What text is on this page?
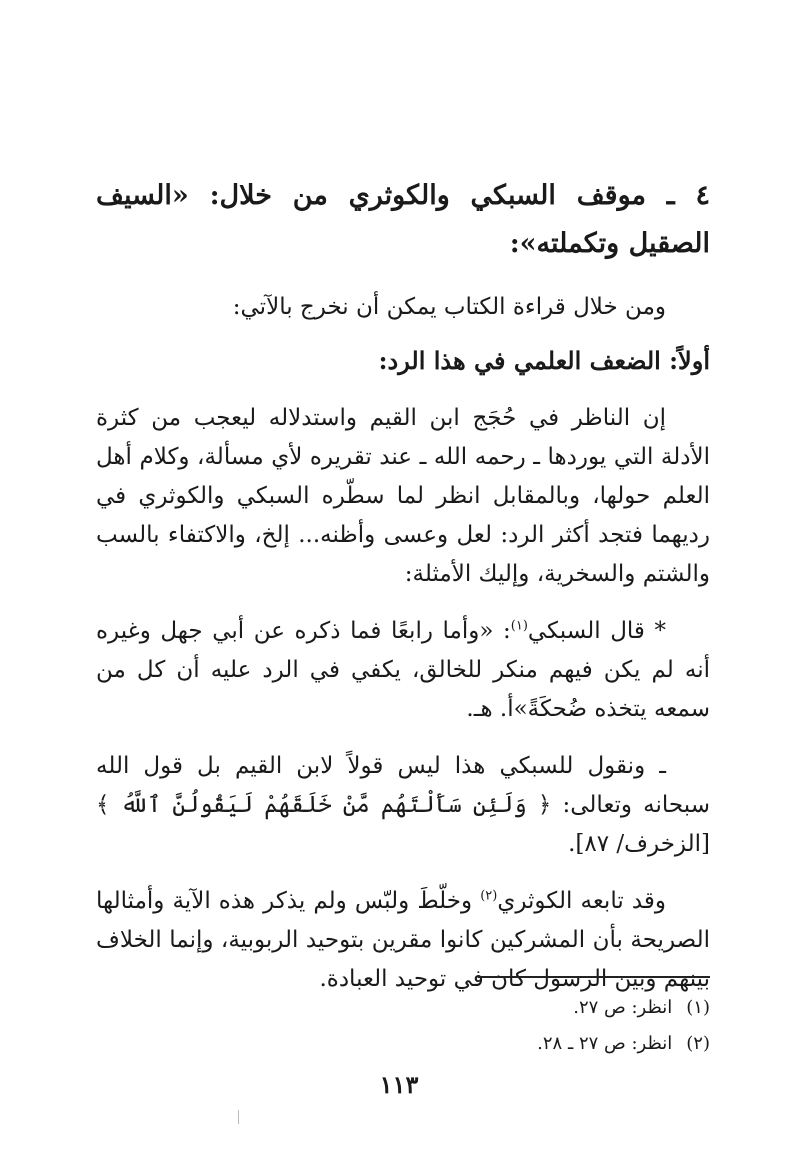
٤ ـ موقف السبكي والكوثري من خلال: «السيف الصقيل وتكملته»:

ومن خلال قراءة الكتاب يمكن أن نخرج بالآتي:

أولاً: الضعف العلمي في هذا الرد:

إن الناظر في حُجَج ابن القيم واستدلاله ليعجب من كثرة الأدلة التي يوردها ـ رحمه الله ـ عند تقريره لأي مسألة، وكلام أهل العلم حولها، وبالمقابل انظر لما سطّره السبكي والكوثري في رديهما فتجد أكثر الرد: لعل وعسى وأظنه... إلخ، والاكتفاء بالسب والشتم والسخرية، وإليك الأمثلة:

* قال السبكي$^{(١)}$: «وأما رابعًا فما ذكره عن أبي جهل وغيره أنه لم يكن فيهم منكر للخالق، يكفي في الرد عليه أن كل من سمعه يتخذه ضُحكَةً»أ. هـ.

ـ ونقول للسبكي هذا ليس قولاً لابن القيم بل قول الله سبحانه وتعالى: ﴿ وَلَئِن سَأَلْتَهُم مَّنْ خَلَقَهُمْ لَيَقُولُنَّ ٱللَّهُ ﴾ [الزخرف/ ٨٧].

وقد تابعه الكوثري$^{(٢)}$ وخلّطَ ولبّس ولم يذكر هذه الآية وأمثالها الصريحة بأن المشركين كانوا مقرين بتوحيد الربوبية، وإنما الخلاف بينهم وبين الرسول كان في توحيد العبادة.

(١)انظر: ص ٢٧.
(٢)انظر: ص ٢٧ ـ ٢٨.
١١٣
